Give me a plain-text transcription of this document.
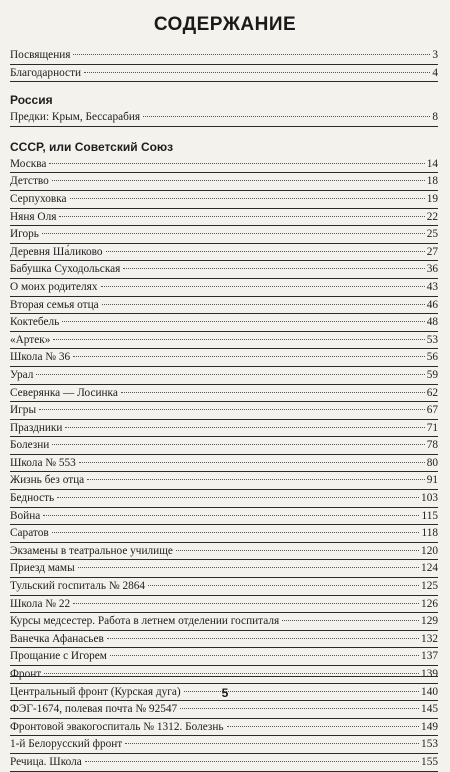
СОДЕРЖАНИЕ
Посвящения	3
Благодарности	4
Россия
Предки: Крым, Бессарабия	8
СССР, или Советский Союз
Москва	14
Детство	18
Серпуховка	19
Няня Оля	22
Игорь	25
Деревня Ша́ликово	27
Бабушка Суходольская	36
О моих родителях	43
Вторая семья отца	46
Коктебель	48
«Артек»	53
Школа № 36	56
Урал	59
Северянка — Лосинка	62
Игры	67
Праздники	71
Болезни	78
Школа № 553	80
Жизнь без отца	91
Бедность	103
Война	115
Саратов	118
Экзамены в театральное училище	120
Приезд мамы	124
Тульский госпиталь № 2864	125
Школа № 22	126
Курсы медсестер. Работа в летнем отделении госпиталя	129
Ванечка Афанасьев	132
Прощание с Игорем	137
Фронт	139
Центральный фронт (Курская дуга)	140
ФЭГ-1674, полевая почта № 92547	145
Фронтовой эвакогоспиталь № 1312. Болезнь	149
1-й Белорусский фронт	153
Речица. Школа	155
5
